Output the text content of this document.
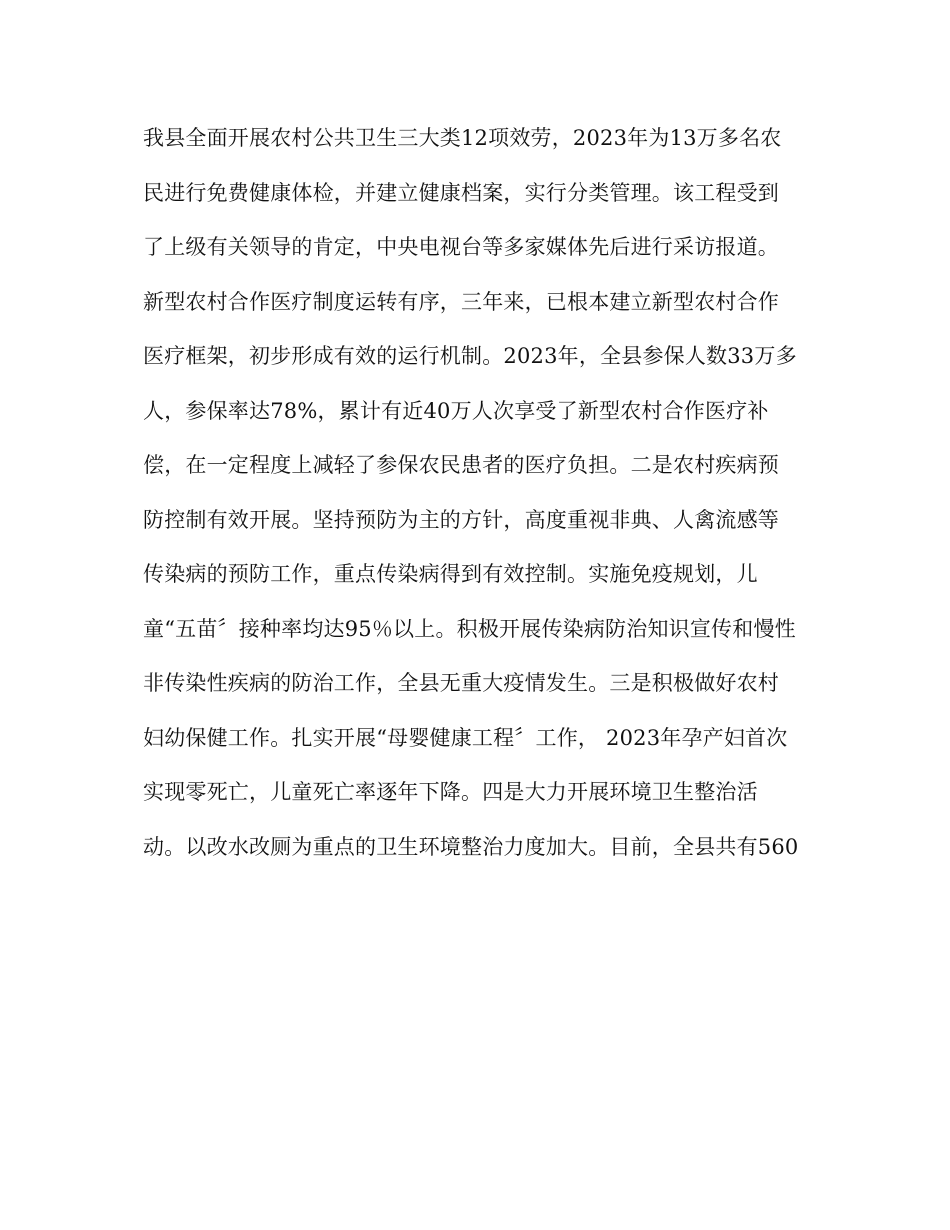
我县全面开展农村公共卫生三大类12项效劳，2023年为13万多名农
民进行免费健康体检，并建立健康档案，实行分类管理。该工程受到
了上级有关领导的肯定，中央电视台等多家媒体先后进行采访报道。
新型农村合作医疗制度运转有序，三年来，已根本建立新型农村合作
医疗框架，初步形成有效的运行机制。2023年，全县参保人数33万多
人，参保率达78%，累计有近40万人次享受了新型农村合作医疗补
偿，在一定程度上减轻了参保农民患者的医疗负担。二是农村疾病预
防控制有效开展。坚持预防为主的方针，高度重视非典、人禽流感等
传染病的预防工作，重点传染病得到有效控制。实施免疫规划，儿
童“五苗〞接种率均达95％以上。积极开展传染病防治知识宣传和慢性
非传染性疾病的防治工作，全县无重大疫情发生。三是积极做好农村
妇幼保健工作。扎实开展“母婴健康工程〞工作， 2023年孕产妇首次
实现零死亡，儿童死亡率逐年下降。四是大力开展环境卫生整治活
动。以改水改厕为重点的卫生环境整治力度加大。目前，全县共有560
